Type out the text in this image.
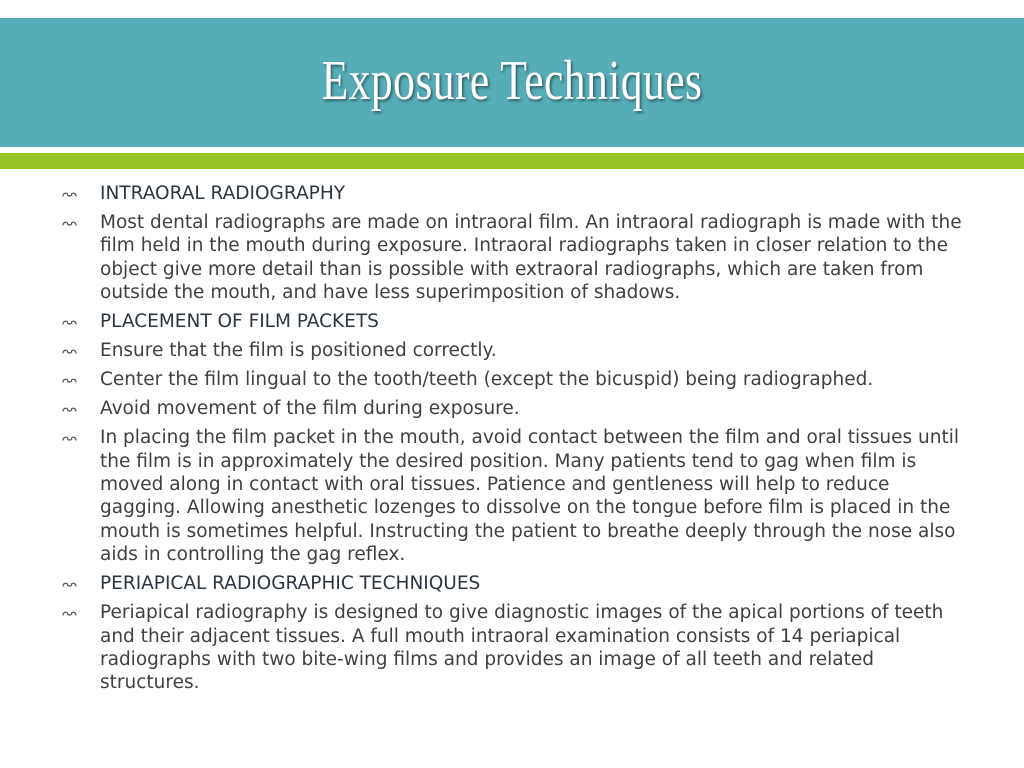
Exposure Techniques
INTRAORAL RADIOGRAPHY
Most dental radiographs are made on intraoral film. An intraoral radiograph is made with the film held in the mouth during exposure. Intraoral radiographs taken in closer relation to the object give more detail than is possible with extraoral radiographs, which are taken from outside the mouth, and have less superimposition of shadows.
PLACEMENT OF FILM PACKETS
Ensure that the film is positioned correctly.
Center the film lingual to the tooth/teeth (except the bicuspid) being radiographed.
Avoid movement of the film during exposure.
In placing the film packet in the mouth, avoid contact between the film and oral tissues until the film is in approximately the desired position. Many patients tend to gag when film is moved along in contact with oral tissues. Patience and gentleness will help to reduce gagging. Allowing anesthetic lozenges to dissolve on the tongue before film is placed in the mouth is sometimes helpful. Instructing the patient to breathe deeply through the nose also aids in controlling the gag reflex.
PERIAPICAL RADIOGRAPHIC TECHNIQUES
Periapical radiography is designed to give diagnostic images of the apical portions of teeth and their adjacent tissues. A full mouth intraoral examination consists of 14 periapical radiographs with two bite-wing films and provides an image of all teeth and related structures.
